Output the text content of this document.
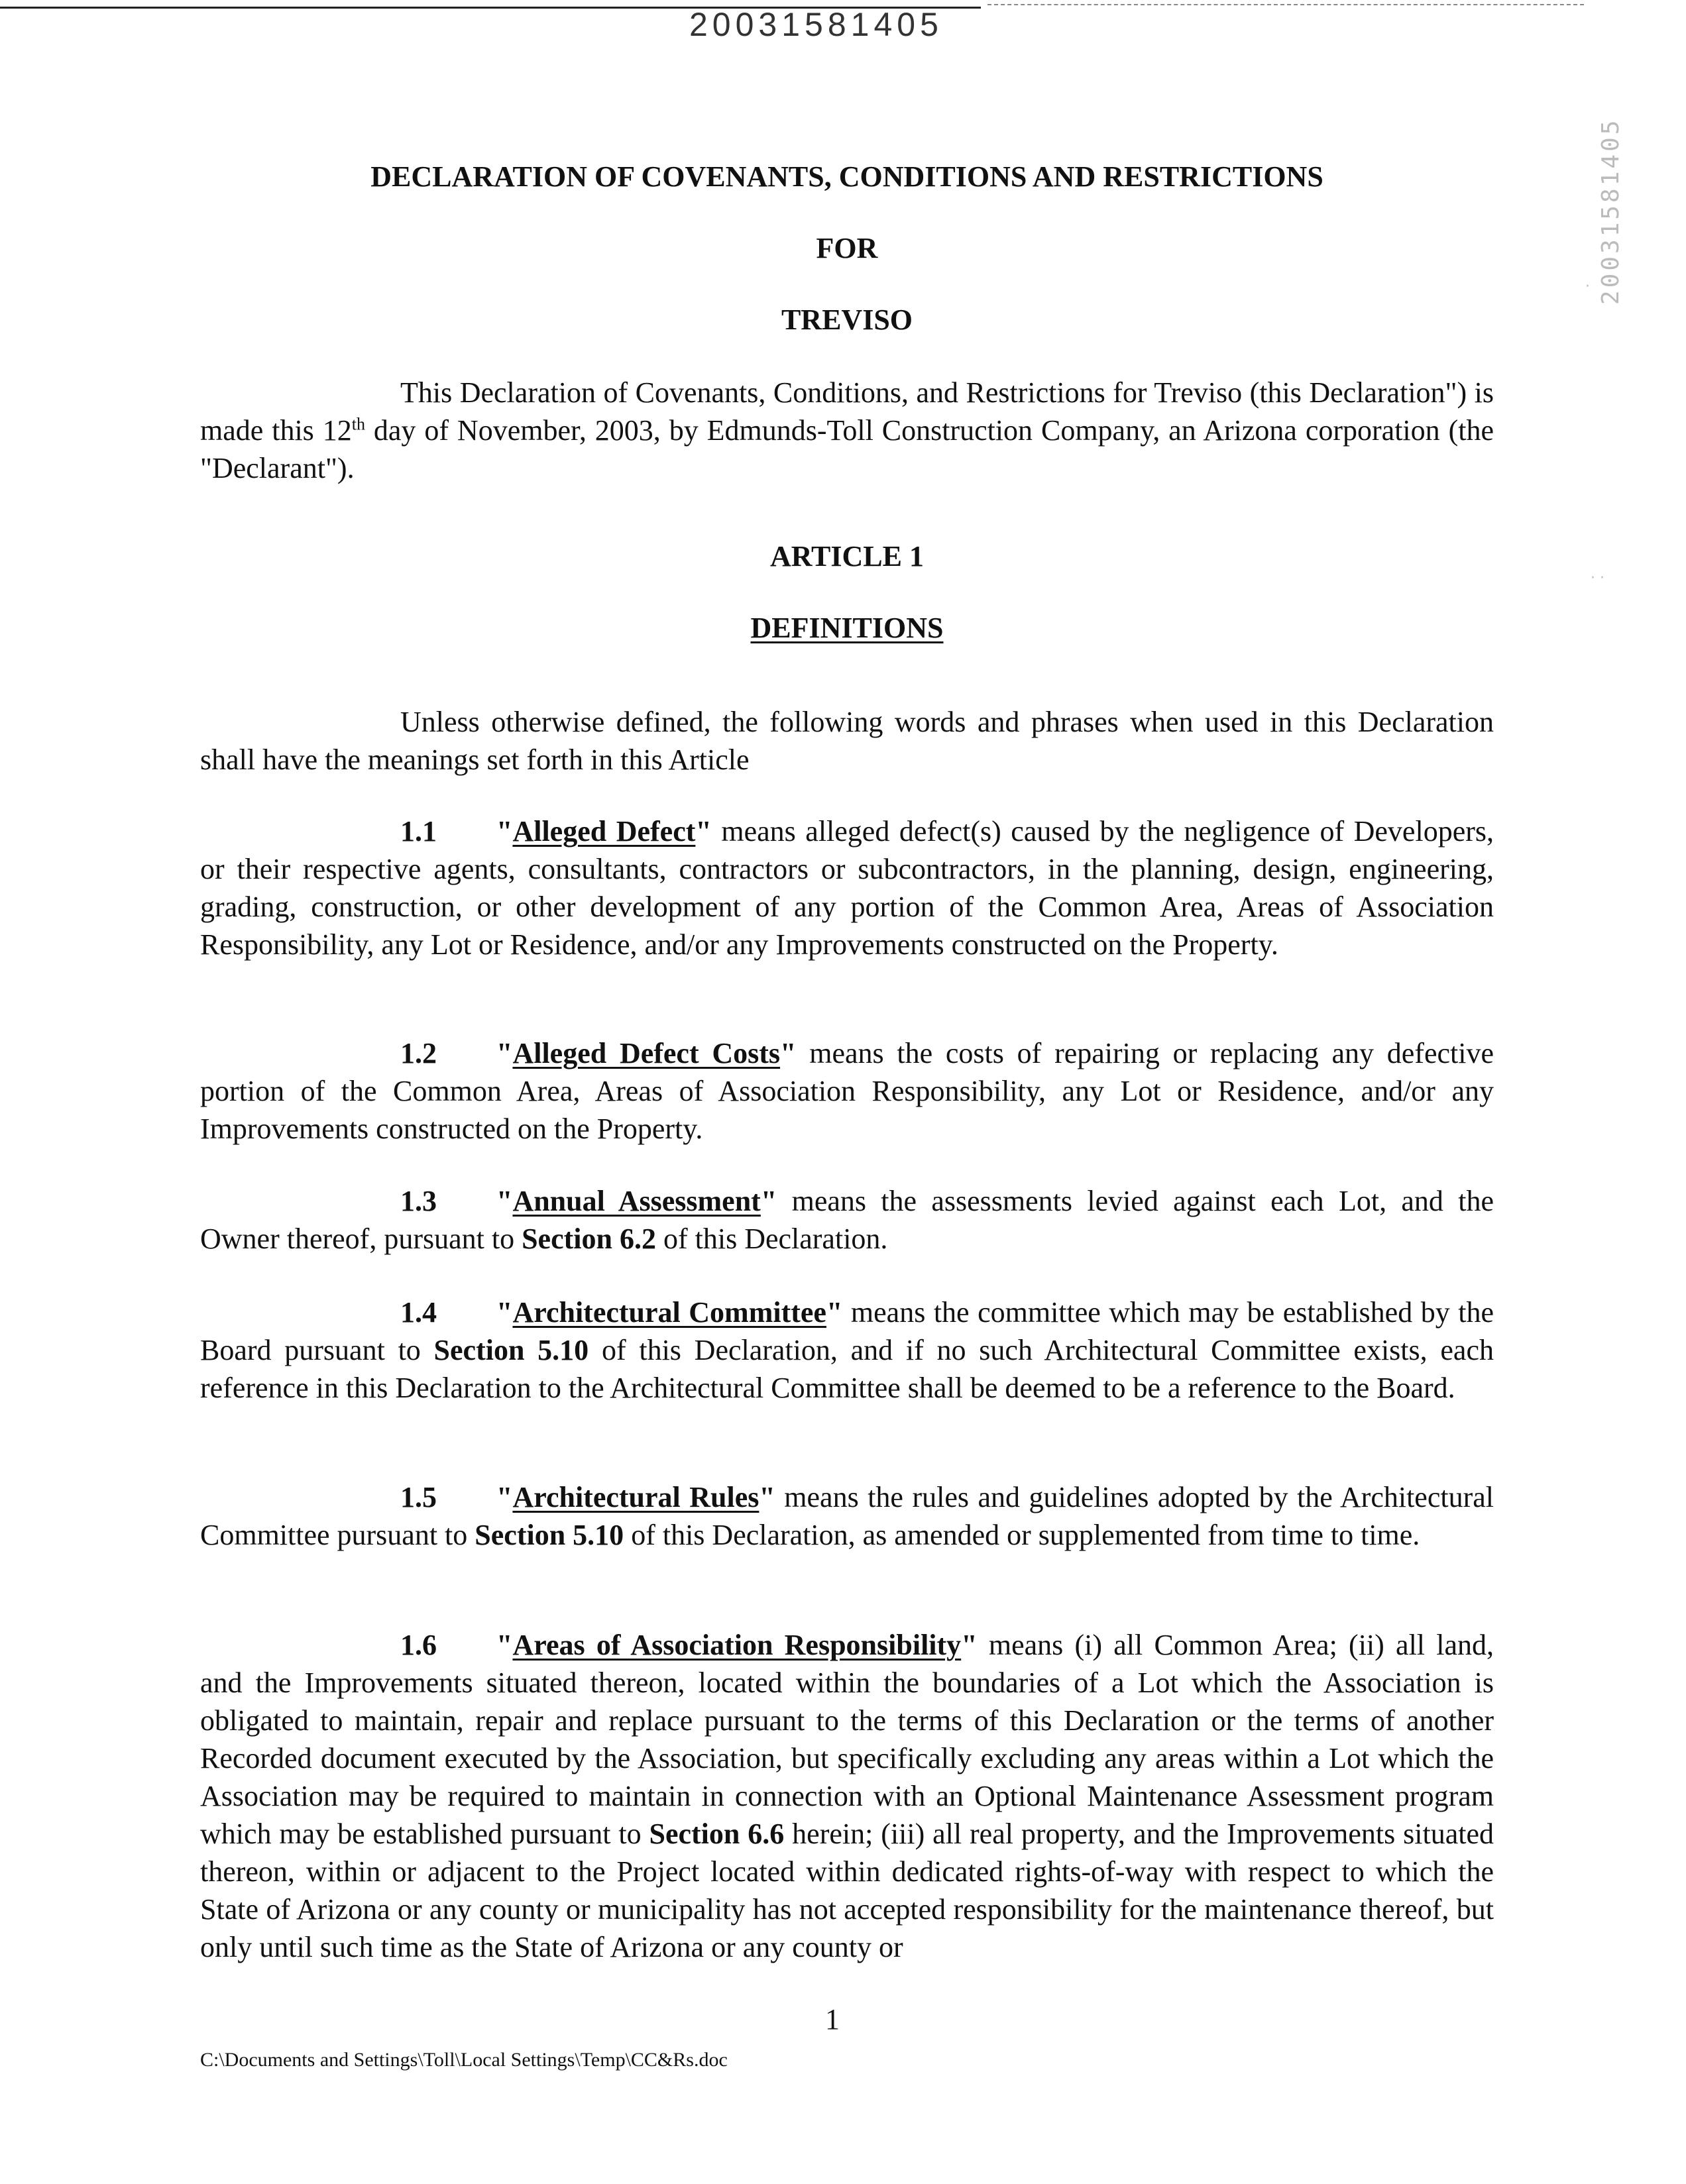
20031581405
20031581405
·
· ·
DECLARATION OF COVENANTS, CONDITIONS AND RESTRICTIONS
FOR
TREVISO

This Declaration of Covenants, Conditions, and Restrictions for Treviso (this Declaration") is made this 12th day of November, 2003, by Edmunds-Toll Construction Company, an Arizona corporation (the "Declarant").

ARTICLE 1
DEFINITIONS

Unless otherwise defined, the following words and phrases when used in this Declaration shall have the meanings set forth in this Article

1.1 "Alleged Defect" means alleged defect(s) caused by the negligence of Developers, or their respective agents, consultants, contractors or subcontractors, in the planning, design, engineering, grading, construction, or other development of any portion of the Common Area, Areas of Association Responsibility, any Lot or Residence, and/or any Improvements constructed on the Property.

1.2 "Alleged Defect Costs" means the costs of repairing or replacing any defective portion of the Common Area, Areas of Association Responsibility, any Lot or Residence, and/or any Improvements constructed on the Property.

1.3 "Annual Assessment" means the assessments levied against each Lot, and the Owner thereof, pursuant to Section 6.2 of this Declaration.

1.4 "Architectural Committee" means the committee which may be established by the Board pursuant to Section 5.10 of this Declaration, and if no such Architectural Committee exists, each reference in this Declaration to the Architectural Committee shall be deemed to be a reference to the Board.

1.5 "Architectural Rules" means the rules and guidelines adopted by the Architectural Committee pursuant to Section 5.10 of this Declaration, as amended or supplemented from time to time.

1.6 "Areas of Association Responsibility" means (i) all Common Area; (ii) all land, and the Improvements situated thereon, located within the boundaries of a Lot which the Association is obligated to maintain, repair and replace pursuant to the terms of this Declaration or the terms of another Recorded document executed by the Association, but specifically excluding any areas within a Lot which the Association may be required to maintain in connection with an Optional Maintenance Assessment program which may be established pursuant to Section 6.6 herein; (iii) all real property, and the Improvements situated thereon, within or adjacent to the Project located within dedicated rights-of-way with respect to which the State of Arizona or any county or municipality has not accepted responsibility for the maintenance thereof, but only until such time as the State of Arizona or any county or

1
C:\Documents and Settings\Toll\Local Settings\Temp\CC&Rs.doc
